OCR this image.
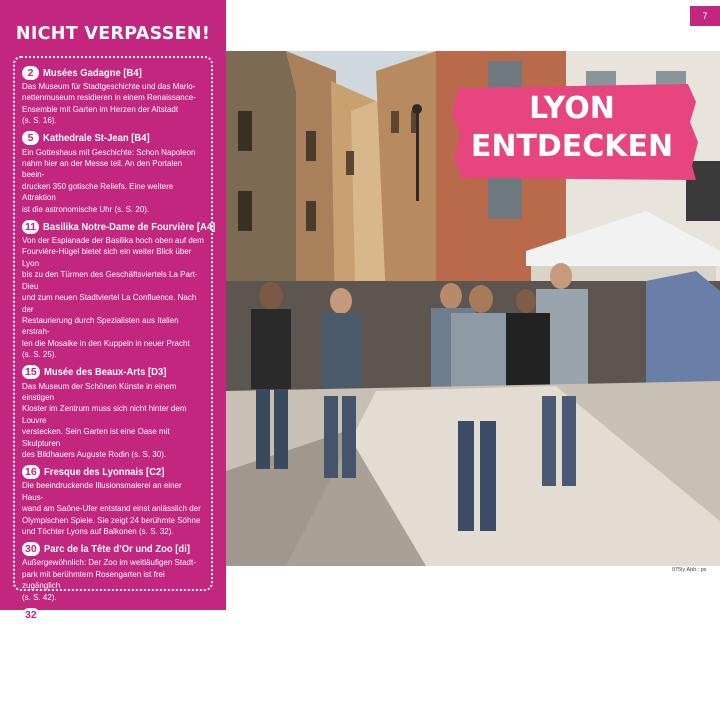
7
NICHT VERPASSEN!
2 Musées Gadagne [B4]
Das Museum für Stadtgeschichte und das Mario-
nettenmuseum residieren in einem Renaissance-
Ensemble mit Garten im Herzen der Altstadt
(s. S. 16).
5 Kathedrale St-Jean [B4]
Ein Gotteshaus mit Geschichte: Schon Napoleon
nahm hier an der Messe teil. An den Portalen beein-
drucken 350 gotische Reliefs. Eine weitere Attraktion
ist die astronomische Uhr (s. S. 20).
11 Basilika Notre-Dame de Fourvière [A4]
Von der Esplanade der Basilika hoch oben auf dem
Fourvière-Hügel bietet sich ein weiter Blick über Lyon
bis zu den Türmen des Geschäftsviertels La Part-Dieu
und zum neuen Stadtviertel La Confluence. Nach der
Restaurierung durch Spezialisten aus Italien erstrah-
len die Mosaike in den Kuppeln in neuer Pracht
(s. S. 25).
15 Musée des Beaux-Arts [D3]
Das Museum der Schönen Künste in einem einstigen
Kloster im Zentrum muss sich nicht hinter dem Louvre
verstecken. Sein Garten ist eine Oase mit Skulpturen
des Bildhauers Auguste Rodin (s. S. 30).
16 Fresque des Lyonnais [C2]
Die beeindruckende Illusionsmalerei an einer Haus-
wand am Saône-Ufer entstand einst anlässlich der
Olympischen Spiele. Sie zeigt 24 berühmte Söhne
und Töchter Lyons auf Balkonen (s. S. 32).
30 Parc de la Tête d’Or und Zoo [di]
Außergewöhnlich: Der Zoo im weitläufigen Stadt-
park mit berühmtem Rosengarten ist frei zugänglich
(s. S. 42).
32 Musée Lumière [fm]
Das Kinomuseum in der Villa der Brüder Lumière zeigt
deren erste Kurzfilme und spannende Fotos sowie
Apparate aus der Geburtsstunde von Film und Fotogra-
fie. Im Sommer findet auf dem gegenüberliegenden
Platz regelmäßig Open-Air-Kino statt (s. S. 45).
LYON
ENTDECKEN
075ly Abb.: ps
